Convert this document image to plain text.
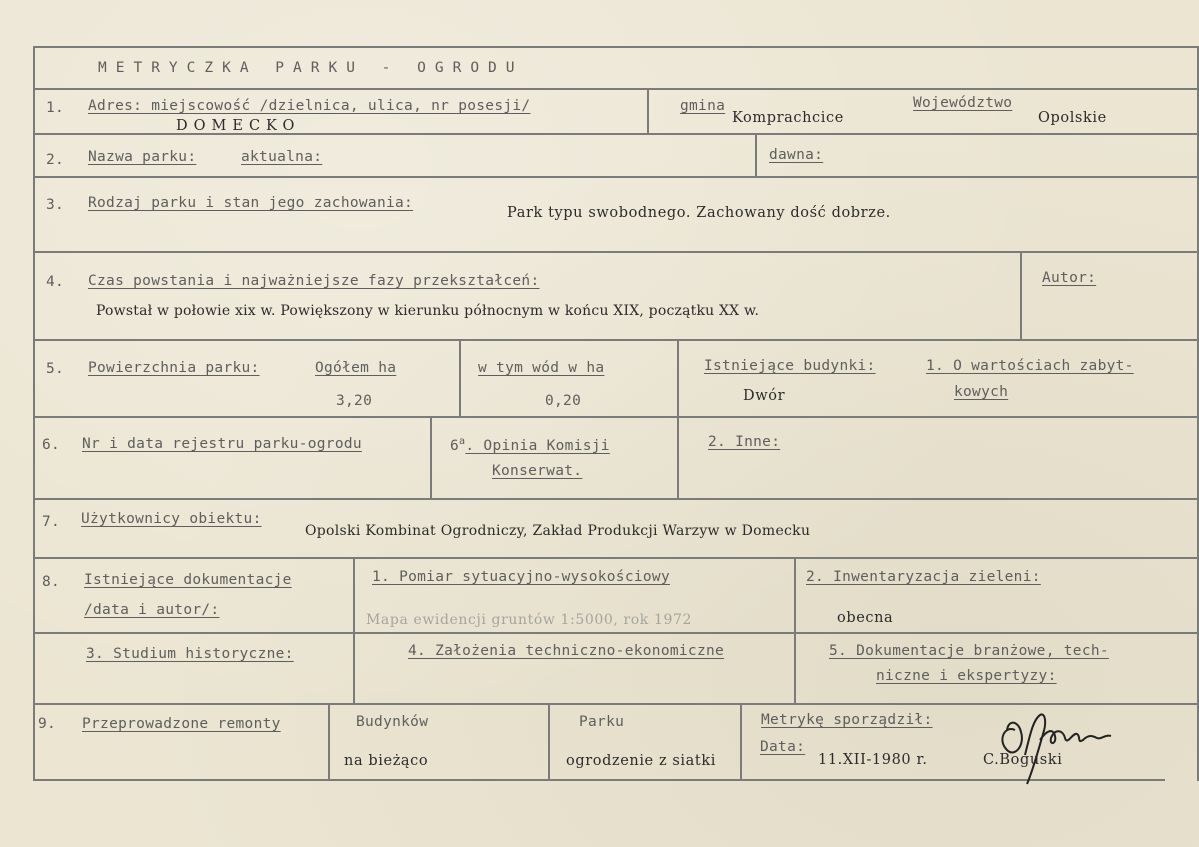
METRYCZKA PARKU - OGRODU
1. Adres: miejscowość /dzielnica, ulica, nr posesji/
DOMECKO
gmina
Komprachcice
Województwo
Opolskie
2. Nazwa parku:	aktualna:	dawna:
3. Rodzaj parku i stan jego zachowania:
Park typu swobodnego. Zachowany dość dobrze.
4. Czas powstania i najważniejsze fazy przekształceń:
Powstał w połowie xix w. Powiększony w kierunku północnym w końcu XIX, początku XX w.
Autor:
5. Powierzchnia parku:	Ogółem ha
3,20
w tym wód w ha
0,20
Istniejące budynki:	1. O wartościach zabyt-
kowych
Dwór
6. Nr i data rejestru parku-ogrodu	6$^a$. Opinia Komisji
Konserwat.
2. Inne:
7. Użytkownicy obiektu:
Opolski Kombinat Ogrodniczy, Zakład Produkcji Warzyw w Domecku
8. Istniejące dokumentacje
/data i autor/:
1. Pomiar sytuacyjno-wysokościowy
Mapa ewidencji gruntów 1:5000, rok 1972
2. Inwentaryzacja zieleni:
obecna
3. Studium historyczne:	4. Założenia techniczno-ekonomiczne	5. Dokumentacje branżowe, tech-
niczne i ekspertyzy:
9. Przeprowadzone remonty	Budynków
na bieżąco
Parku
ogrodzenie z siatki
Metrykę sporządził:
Data:
11.XII-1980 r.	C.Boguski
